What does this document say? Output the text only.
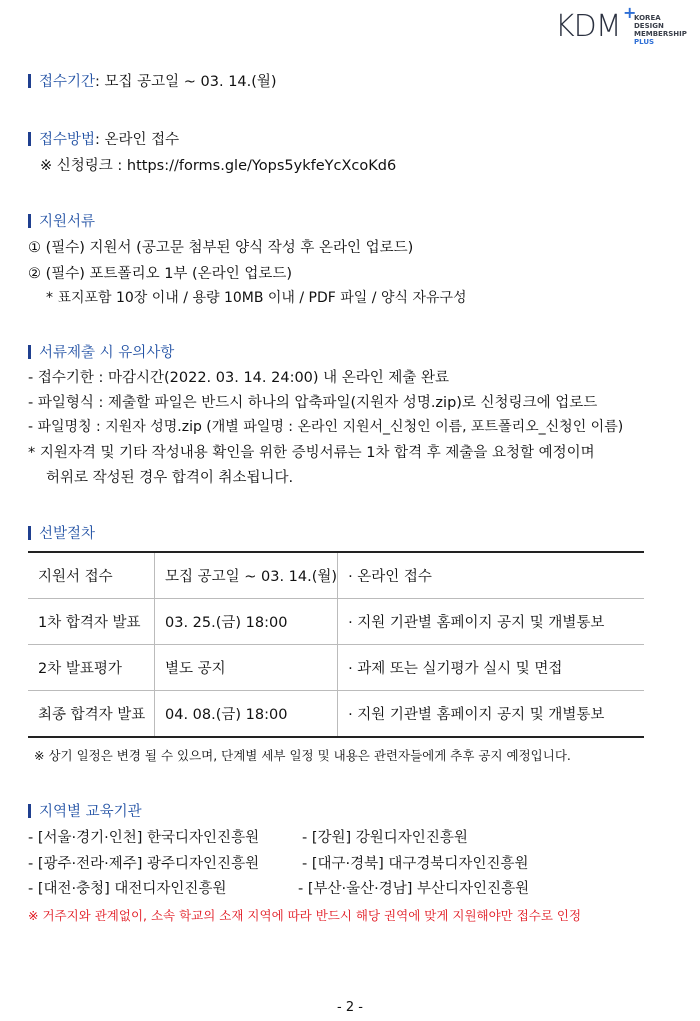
KDM +
KOREA DESIGN
MEMBERSHIP
PLUS
접수기간: 모집 공고일 ~ 03. 14.(월)
접수방법: 온라인 접수
※ 신청링크 : https://forms.gle/Yops5ykfeYcXcoKd6
지원서류
① (필수) 지원서 (공고문 첨부된 양식 작성 후 온라인 업로드)
② (필수) 포트폴리오 1부 (온라인 업로드)
* 표지포함 10장 이내 / 용량 10MB 이내 / PDF 파일 / 양식 자유구성
서류제출 시 유의사항
- 접수기한 : 마감시간(2022. 03. 14. 24:00) 내 온라인 제출 완료
- 파일형식 : 제출할 파일은 반드시 하나의 압축파일(지원자 성명.zip)로 신청링크에 업로드
- 파일명칭 : 지원자 성명.zip (개별 파일명 : 온라인 지원서_신청인 이름, 포트폴리오_신청인 이름)
* 지원자격 및 기타 작성내용 확인을 위한 증빙서류는 1차 합격 후 제출을 요청할 예정이며
허위로 작성된 경우 합격이 취소됩니다.
선발절차
지원서 접수	모집 공고일 ~ 03. 14.(월)	· 온라인 접수
1차 합격자 발표	03. 25.(금) 18:00	· 지원 기관별 홈페이지 공지 및 개별통보
2차 발표평가	별도 공지	· 과제 또는 실기평가 실시 및 면접
최종 합격자 발표	04. 08.(금) 18:00	· 지원 기관별 홈페이지 공지 및 개별통보
※ 상기 일정은 변경 될 수 있으며, 단계별 세부 일정 및 내용은 관련자들에게 추후 공지 예정입니다.
지역별 교육기관
- [서울·경기·인천] 한국디자인진흥원	- [강원] 강원디자인진흥원
- [광주·전라·제주] 광주디자인진흥원	- [대구·경북] 대구경북디자인진흥원
- [대전·충청] 대전디자인진흥원	- [부산·울산·경남] 부산디자인진흥원
※ 거주지와 관계없이, 소속 학교의 소재 지역에 따라 반드시 해당 권역에 맞게 지원해야만 접수로 인정
- 2 -
